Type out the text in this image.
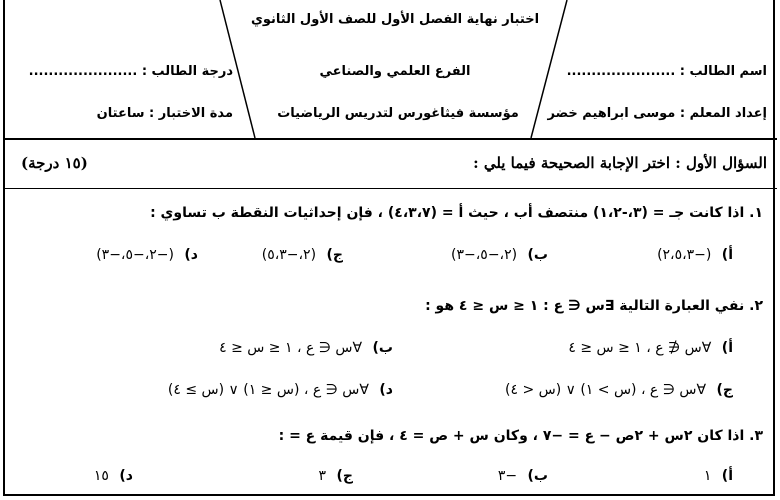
اختبار نهاية الفصل الأول للصف الأول الثانوي
الفرع العلمي والصناعي
مؤسسة فيثاغورس لتدريس الرياضيات
اسم الطالب : ......................
إعداد المعلم : موسى ابراهيم خضر
درجة الطالب : ......................
مدة الاختبار : ساعتان
السؤال الأول : اختر الإجابة الصحيحة فيما يلي :
(١٥ درجة)
١. اذا كانت جـ = (٣،-١،٢) منتصف أب ، حيث أ = (٤،٣،٧) ، فإن إحداثيات النقطة ب تساوي :
أ) (−٢،٥،٣)
ب) (٢،−٥،−٣)
ج) (٢،−٥،٣)
د) (−٢،−٥،−٣)
٢. نفي العبارة التالية ∃س ∈ ع : ١ ≤ س ≤ ٤ هو :
أ) ∀س ∉ ع ، ١ ≤ س ≤ ٤
ب) ∀س ∈ ع ، ١ ≤ س ≤ ٤
ج) ∀س ∈ ع ، (س > ١) ∨ (س < ٤)
د) ∀س ∈ ع ، (س ≤ ١) ∨ (س ≥ ٤)
٣. اذا كان ٢س + ٢ص − ع = −٧ ، وكان س + ص = ٤ ، فإن قيمة ع = :
أ) ١
ب) −٣
ج) ٣
د) ١٥
